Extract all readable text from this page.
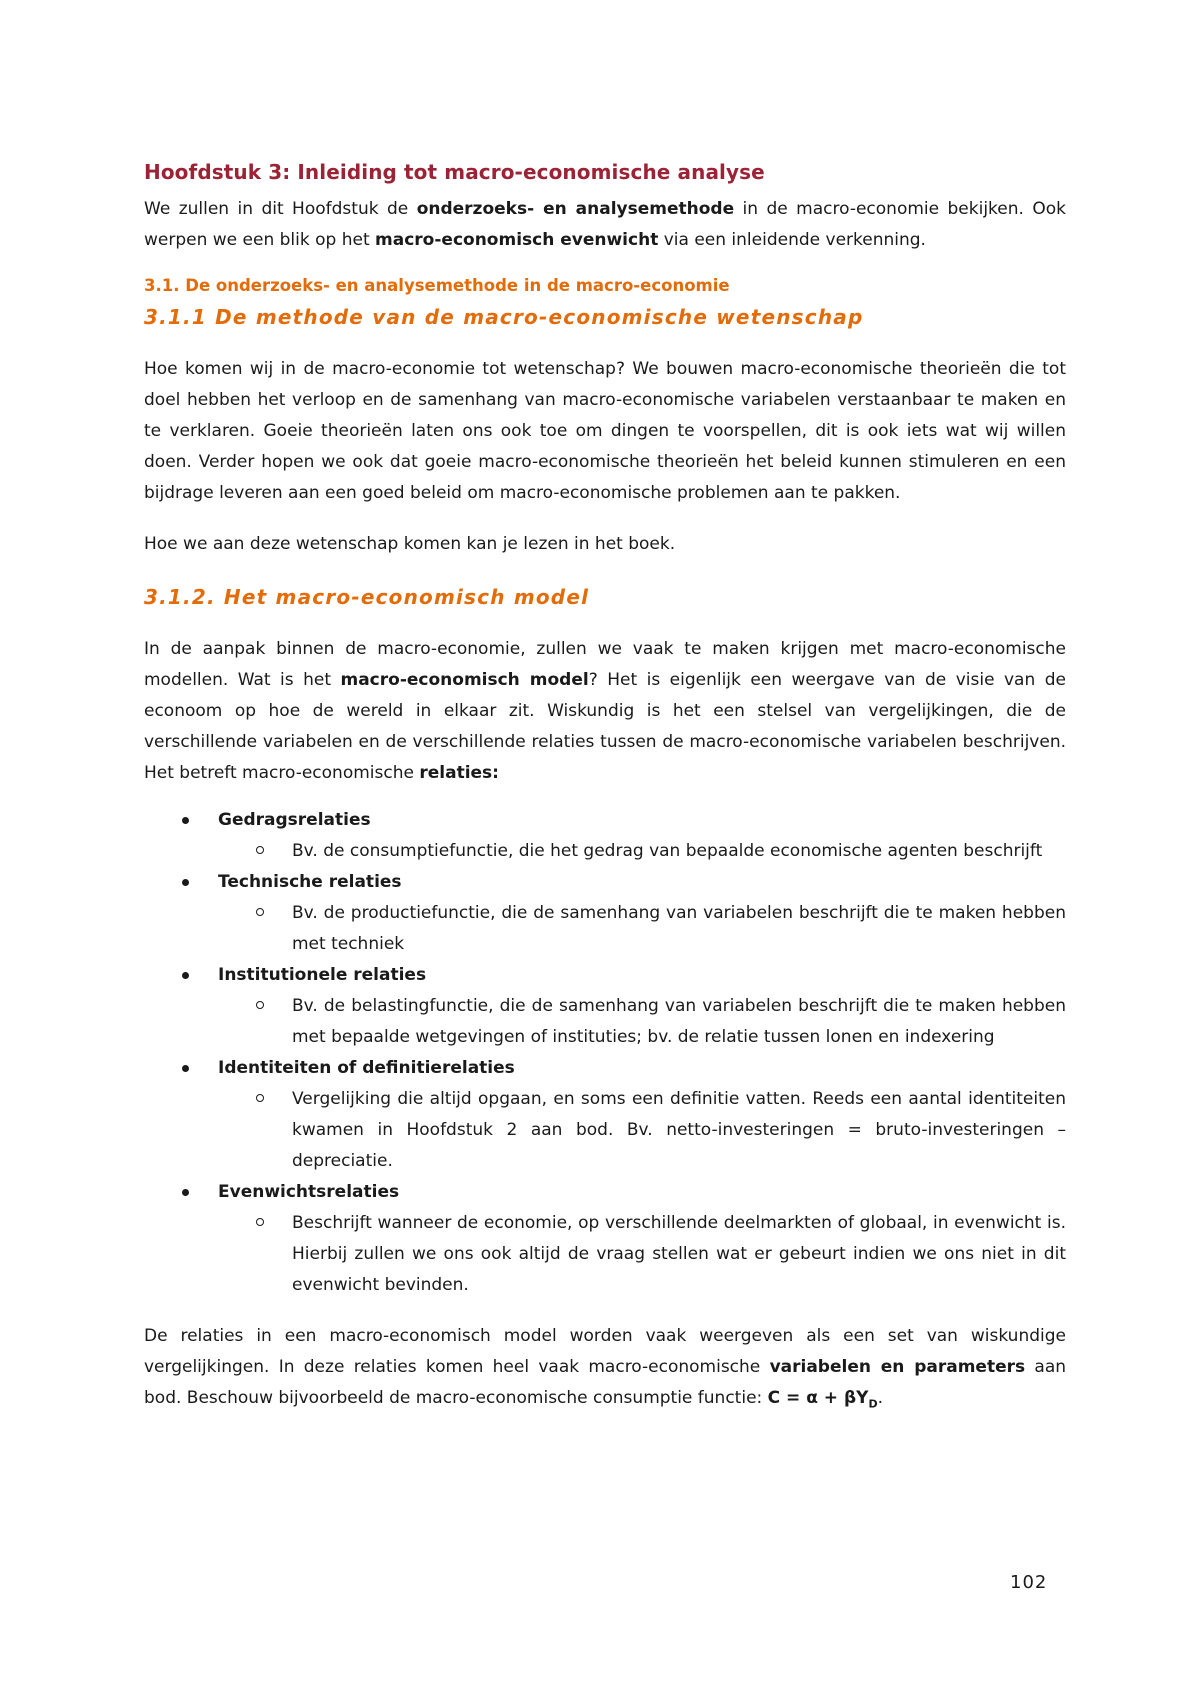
Hoofdstuk 3: Inleiding tot macro-economische analyse

We zullen in dit Hoofdstuk de onderzoeks- en analysemethode in de macro-economie bekijken. Ook werpen we een blik op het macro-economisch evenwicht via een inleidende verkenning.

3.1. De onderzoeks- en analysemethode in de macro-economie
3.1.1 De methode van de macro-economische wetenschap

Hoe komen wij in de macro-economie tot wetenschap? We bouwen macro-economische theorieën die tot doel hebben het verloop en de samenhang van macro-economische variabelen verstaanbaar te maken en te verklaren. Goeie theorieën laten ons ook toe om dingen te voorspellen, dit is ook iets wat wij willen doen. Verder hopen we ook dat goeie macro-economische theorieën het beleid kunnen stimuleren en een bijdrage leveren aan een goed beleid om macro-economische problemen aan te pakken.

Hoe we aan deze wetenschap komen kan je lezen in het boek.

3.1.2. Het macro-economisch model

In de aanpak binnen de macro-economie, zullen we vaak te maken krijgen met macro-economische modellen. Wat is het macro-economisch model? Het is eigenlijk een weergave van de visie van de econoom op hoe de wereld in elkaar zit. Wiskundig is het een stelsel van vergelijkingen, die de verschillende variabelen en de verschillende relaties tussen de macro-economische variabelen beschrijven. Het betreft macro-economische relaties:

Gedragsrelaties
Bv. de consumptiefunctie, die het gedrag van bepaalde economische agenten beschrijft
Technische relaties
Bv. de productiefunctie, die de samenhang van variabelen beschrijft die te maken hebben met techniek
Institutionele relaties
Bv. de belastingfunctie, die de samenhang van variabelen beschrijft die te maken hebben met bepaalde wetgevingen of instituties; bv. de relatie tussen lonen en indexering
Identiteiten of definitierelaties
Vergelijking die altijd opgaan, en soms een definitie vatten. Reeds een aantal identiteiten kwamen in Hoofdstuk 2 aan bod. Bv. netto-investeringen = bruto-investeringen – depreciatie.
Evenwichtsrelaties
Beschrijft wanneer de economie, op verschillende deelmarkten of globaal, in evenwicht is. Hierbij zullen we ons ook altijd de vraag stellen wat er gebeurt indien we ons niet in dit evenwicht bevinden.

De relaties in een macro-economisch model worden vaak weergeven als een set van wiskundige vergelijkingen. In deze relaties komen heel vaak macro-economische variabelen en parameters aan bod. Beschouw bijvoorbeeld de macro-economische consumptie functie: $C = \alpha + \beta Y_D$.

102
